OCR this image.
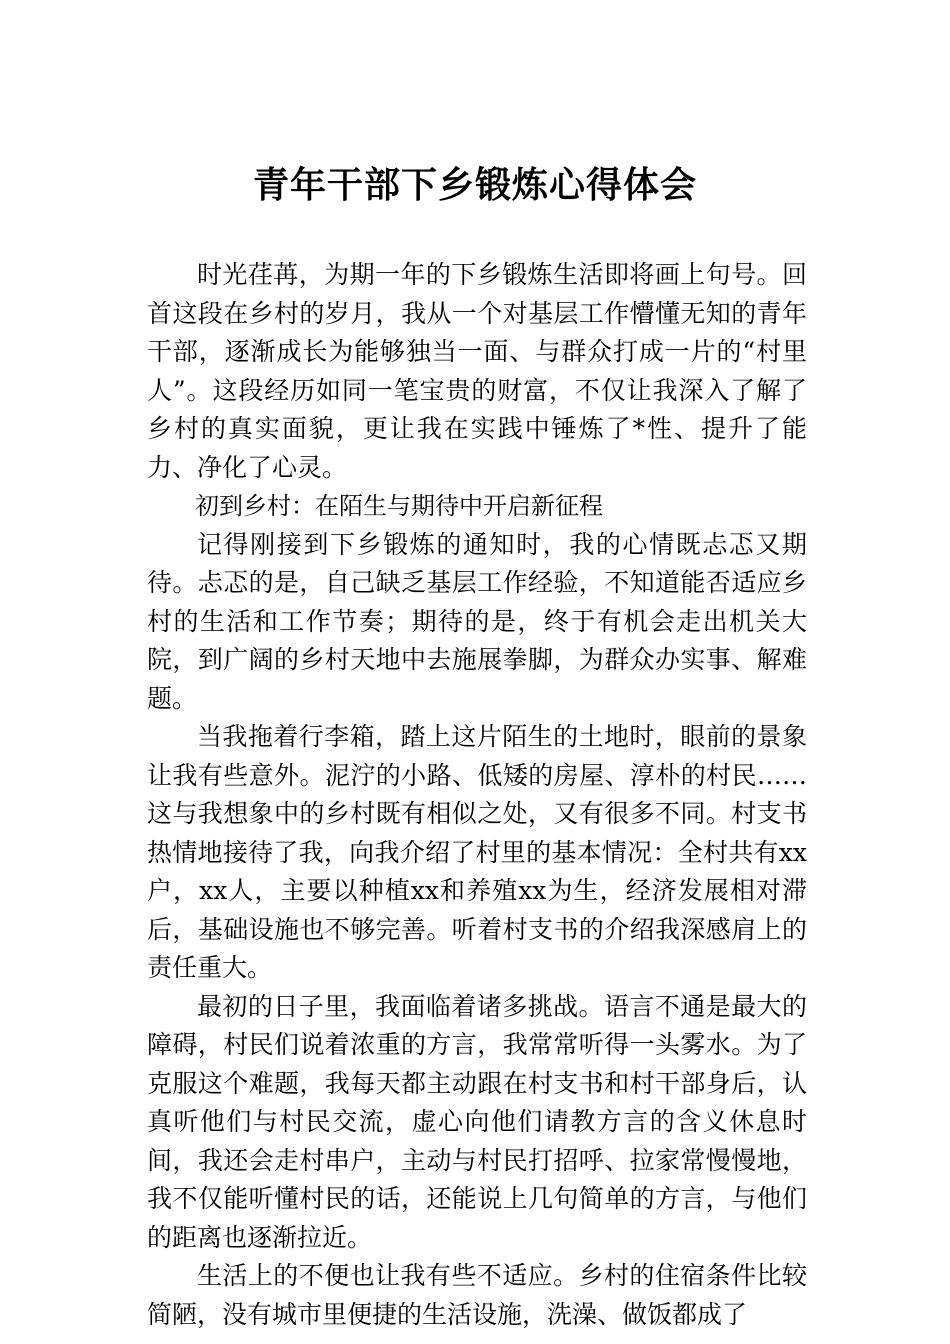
青年干部下乡锻炼心得体会

时光荏苒，为期一年的下乡锻炼生活即将画上句号。回首这段在乡村的岁月，我从一个对基层工作懵懂无知的青年干部，逐渐成长为能够独当一面、与群众打成一片的“村里人”。这段经历如同一笔宝贵的财富，不仅让我深入了解了乡村的真实面貌，更让我在实践中锤炼了*性、提升了能力、净化了心灵。

初到乡村：在陌生与期待中开启新征程

记得刚接到下乡锻炼的通知时，我的心情既忐忑又期待。忐忑的是，自己缺乏基层工作经验，不知道能否适应乡村的生活和工作节奏；期待的是，终于有机会走出机关大院，到广阔的乡村天地中去施展拳脚，为群众办实事、解难题。

当我拖着行李箱，踏上这片陌生的土地时，眼前的景象让我有些意外。泥泞的小路、低矮的房屋、淳朴的村民……这与我想象中的乡村既有相似之处，又有很多不同。村支书热情地接待了我，向我介绍了村里的基本情况：全村共有xx户，xx人，主要以种植xx和养殖xx为生，经济发展相对滞后，基础设施也不够完善。听着村支书的介绍我深感肩上的责任重大。

最初的日子里，我面临着诸多挑战。语言不通是最大的障碍，村民们说着浓重的方言，我常常听得一头雾水。为了克服这个难题，我每天都主动跟在村支书和村干部身后，认真听他们与村民交流，虚心向他们请教方言的含义休息时间，我还会走村串户，主动与村民打招呼、拉家常慢慢地，我不仅能听懂村民的话，还能说上几句简单的方言，与他们的距离也逐渐拉近。

生活上的不便也让我有些不适应。乡村的住宿条件比较简陋，没有城市里便捷的生活设施，洗澡、做饭都成了
